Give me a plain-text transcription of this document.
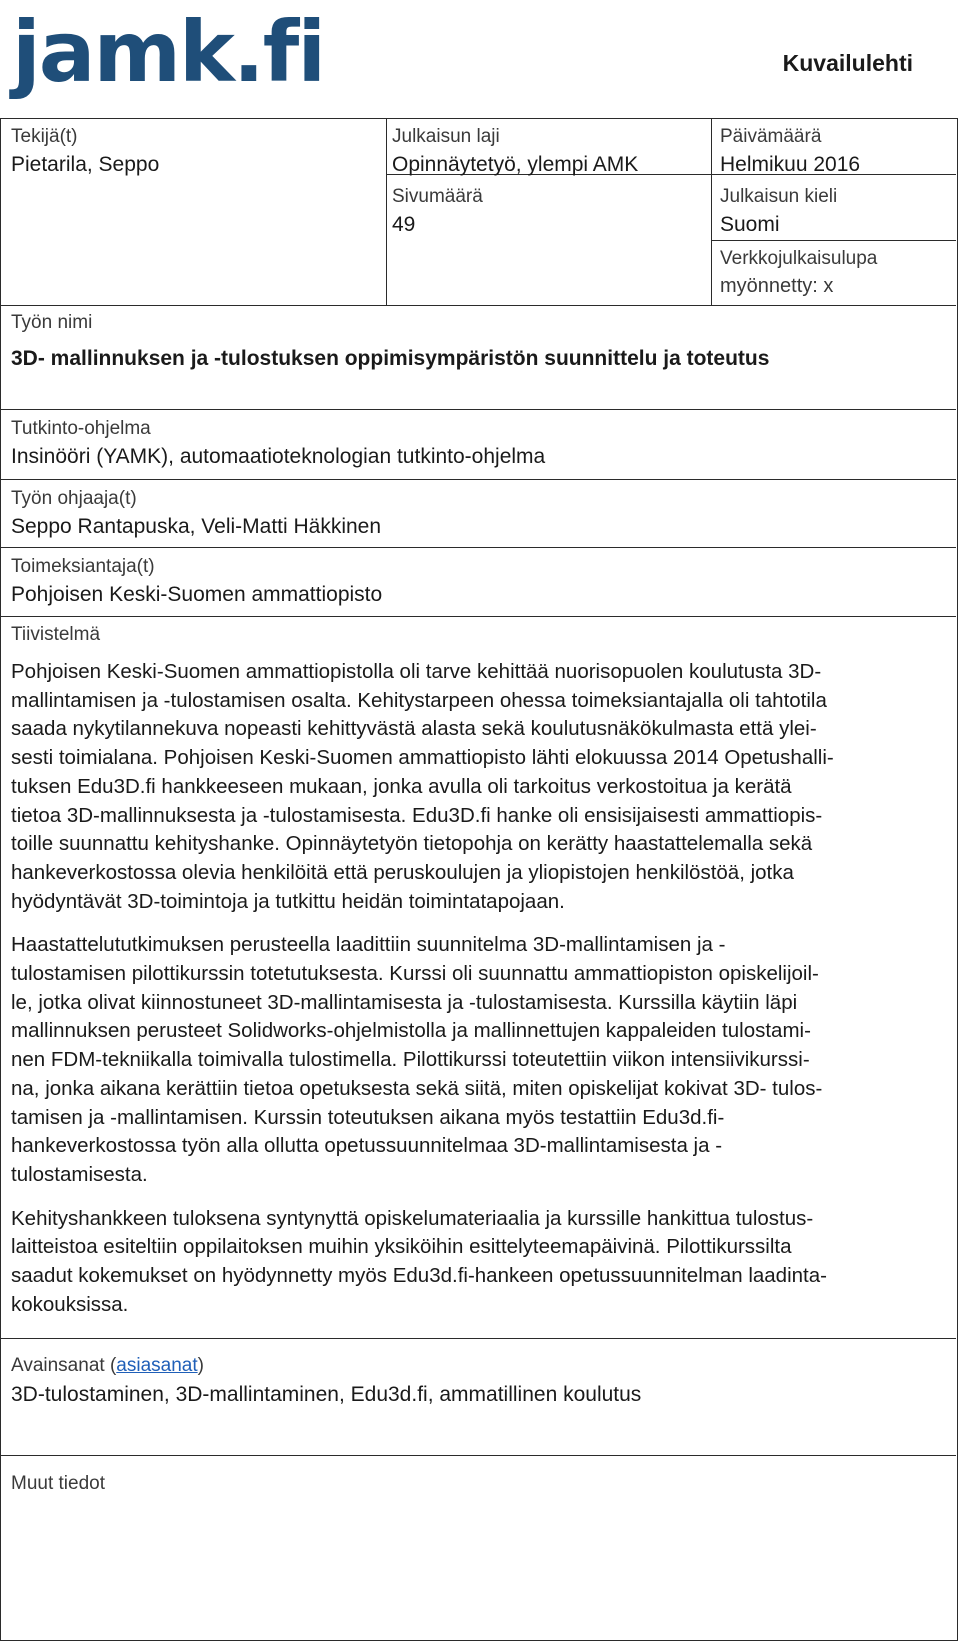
jamk.fi	Kuvailulehti
Tekijä(t)
Pietarila, Seppo
Julkaisun laji
Opinnäytetyö, ylempi AMK
Päivämäärä
Helmikuu 2016
Sivumäärä
49
Julkaisun kieli
Suomi
Verkkojulkaisulupa
myönnetty: x
Työn nimi
3D- mallinnuksen ja -tulostuksen oppimisympäristön suunnittelu ja toteutus
Tutkinto-ohjelma
Insinööri (YAMK), automaatioteknologian tutkinto-ohjelma
Työn ohjaaja(t)
Seppo Rantapuska, Veli-Matti Häkkinen
Toimeksiantaja(t)
Pohjoisen Keski-Suomen ammattiopisto
Tiivistelmä

Pohjoisen Keski-Suomen ammattiopistolla oli tarve kehittää nuorisopuolen koulutusta 3D-
mallintamisen ja -tulostamisen osalta. Kehitystarpeen ohessa toimeksiantajalla oli tahtotila
saada nykytilannekuva nopeasti kehittyvästä alasta sekä koulutusnäkökulmasta että ylei-
sesti toimialana. Pohjoisen Keski-Suomen ammattiopisto lähti elokuussa 2014 Opetushalli-
tuksen Edu3D.fi hankkeeseen mukaan, jonka avulla oli tarkoitus verkostoitua ja kerätä
tietoa 3D-mallinnuksesta ja -tulostamisesta. Edu3D.fi hanke oli ensisijaisesti ammattiopis-
toille suunnattu kehityshanke. Opinnäytetyön tietopohja on kerätty haastattelemalla sekä
hankeverkostossa olevia henkilöitä että peruskoulujen ja yliopistojen henkilöstöä, jotka
hyödyntävät 3D-toimintoja ja tutkittu heidän toimintatapojaan.

Haastattelututkimuksen perusteella laadittiin suunnitelma 3D-mallintamisen ja -
tulostamisen pilottikurssin totetutuksesta. Kurssi oli suunnattu ammattiopiston opiskelijoil-
le, jotka olivat kiinnostuneet 3D-mallintamisesta ja -tulostamisesta. Kurssilla käytiin läpi
mallinnuksen perusteet Solidworks-ohjelmistolla ja mallinnettujen kappaleiden tulostami-
nen FDM-tekniikalla toimivalla tulostimella. Pilottikurssi toteutettiin viikon intensiivikurssi-
na, jonka aikana kerättiin tietoa opetuksesta sekä siitä, miten opiskelijat kokivat 3D- tulos-
tamisen ja -mallintamisen. Kurssin toteutuksen aikana myös testattiin Edu3d.fi-
hankeverkostossa työn alla ollutta opetussuunnitelmaa 3D-mallintamisesta ja -
tulostamisesta.

Kehityshankkeen tuloksena syntynyttä opiskelumateriaalia ja kurssille hankittua tulostus-
laitteistoa esiteltiin oppilaitoksen muihin yksiköihin esittelyteemapäivinä. Pilottikurssilta
saadut kokemukset on hyödynnetty myös Edu3d.fi-hankeen opetussuunnitelman laadinta-
kokouksissa.

Avainsanat (asiasanat)
3D-tulostaminen, 3D-mallintaminen, Edu3d.fi, ammatillinen koulutus
Muut tiedot
